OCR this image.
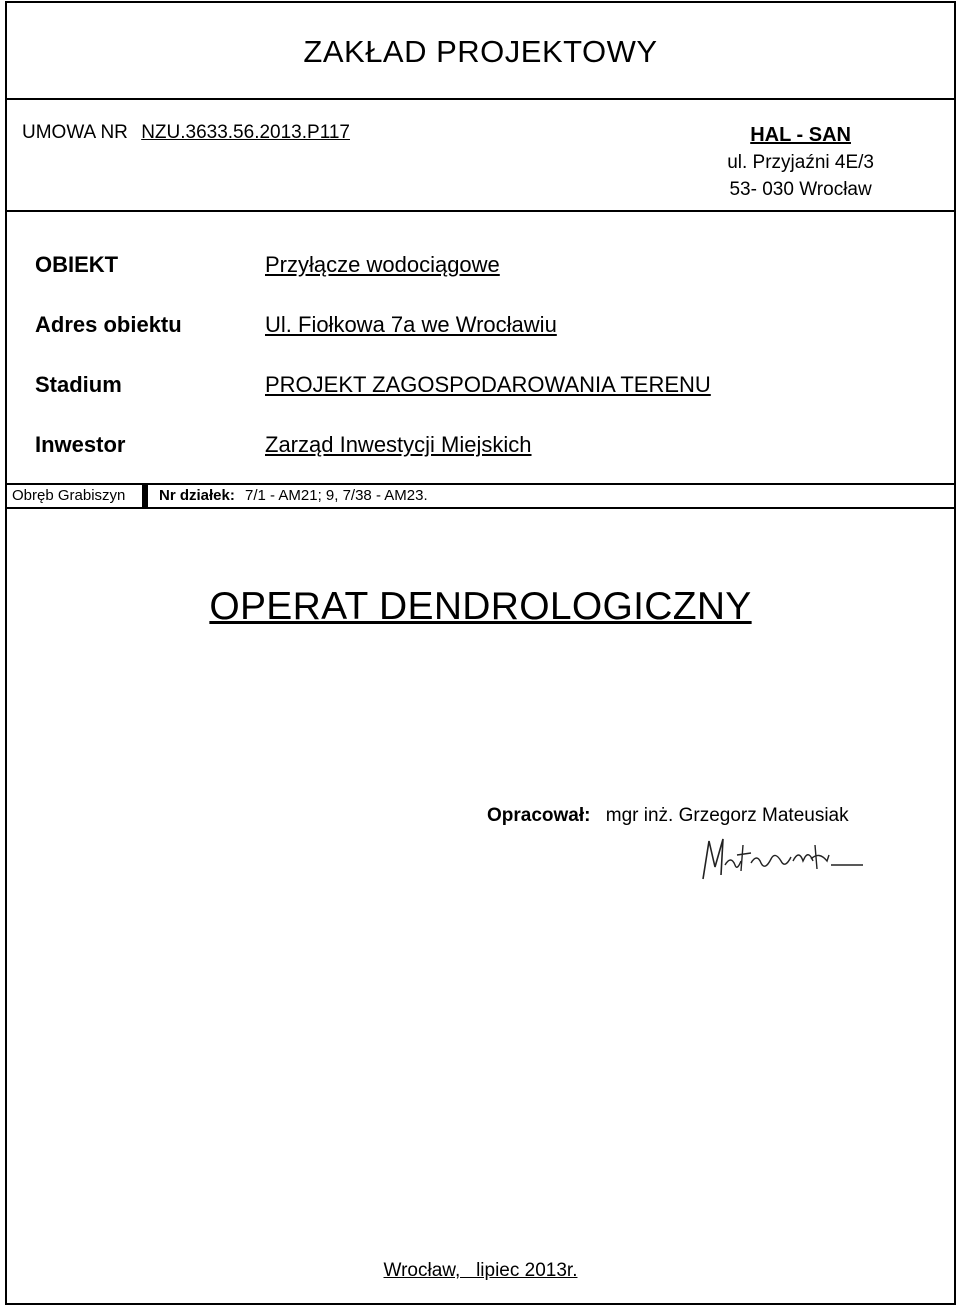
ZAKŁAD PROJEKTOWY
UMOWA NR NZU.3633.56.2013.P117	HAL - SAN
ul. Przyjaźni 4E/3
53- 030 Wrocław
OBIEKT	Przyłącze wodociągowe
Adres obiektu	Ul. Fiołkowa 7a we Wrocławiu
Stadium	PROJEKT ZAGOSPODAROWANIA TERENU
Inwestor	Zarząd Inwestycji Miejskich
Obręb Grabiszyn	Nr działek: 7/1 - AM21; 9, 7/38 - AM23.
OPERAT DENDROLOGICZNY
Opracował: mgr inż. Grzegorz Mateusiak
Wrocław,   lipiec 2013r.
